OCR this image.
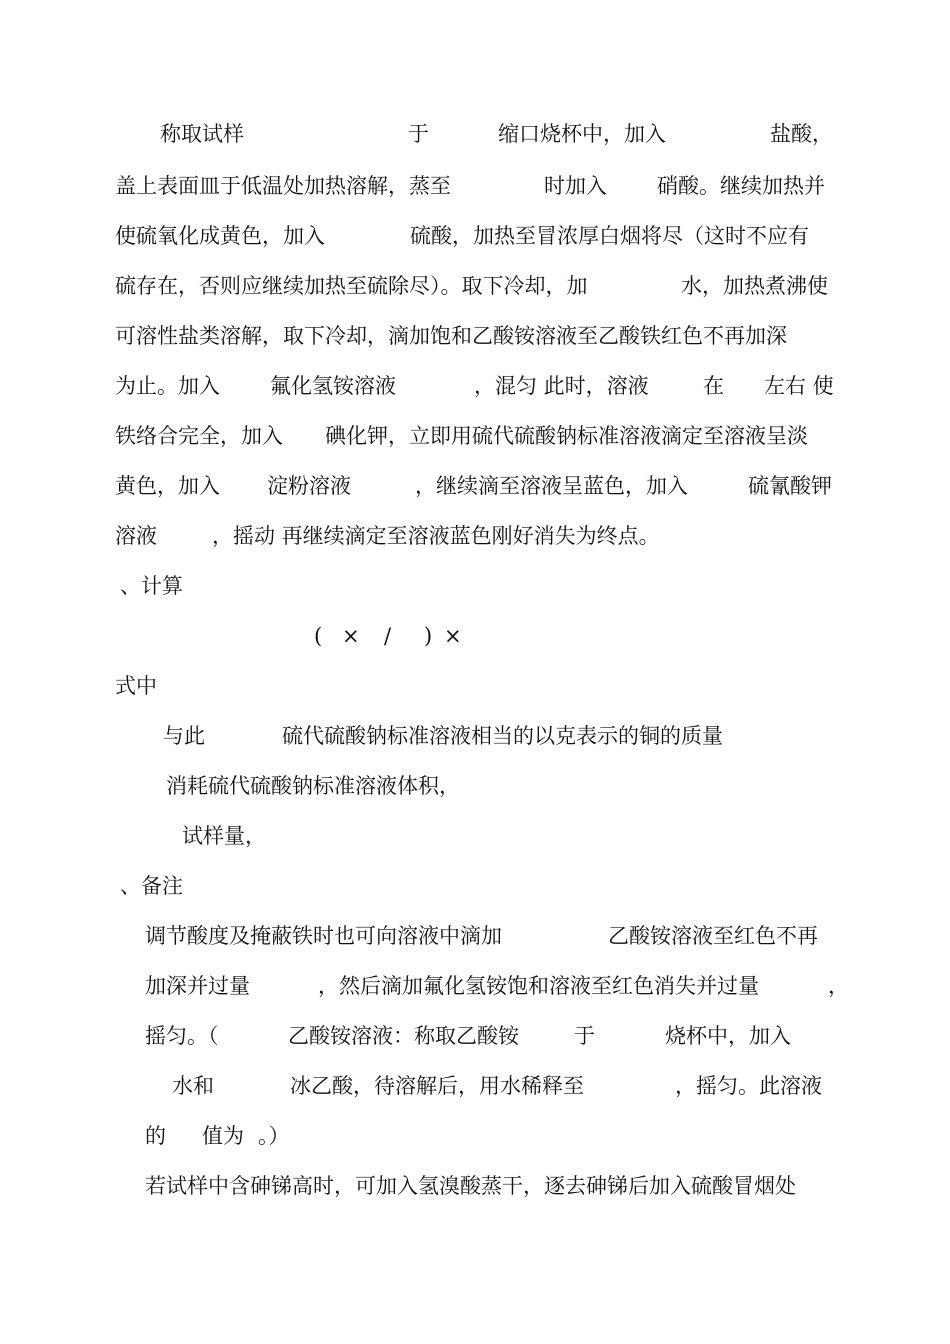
称取试样	于	缩口烧杯中，加入	盐酸，
盖上表面皿于低温处加热溶解，蒸至	时加入 硝酸。继续加热并
使硫氧化成黄色，加入	硫酸，加热至冒浓厚白烟将尽（这时不应有
硫存在，否则应继续加热至硫除尽）。取下冷却，加	水，加热煮沸使
可溶性盐类溶解，取下冷却，滴加饱和乙酸铵溶液至乙酸铁红色不再加深
为止。加入 氟化氢铵溶液	，混匀 此时，溶液	在 左右 使
铁络合完全，加入 碘化钾，立即用硫代硫酸钠标准溶液滴定至溶液呈淡
黄色，加入 淀粉溶液	，继续滴至溶液呈蓝色，加入	硫氰酸钾
溶液	，摇动 再继续滴定至溶液蓝色刚好消失为终点。
、计算
( × / ) ×
式中
与此	硫代硫酸钠标准溶液相当的以克表示的铜的质量
消耗硫代硫酸钠标准溶液体积，
试样量，
、备注
调节酸度及掩蔽铁时也可向溶液中滴加	乙酸铵溶液至红色不再
加深并过量	，然后滴加氟化氢铵饱和溶液至红色消失并过量	，
摇匀。（	乙酸铵溶液：称取乙酸铵	于	烧杯中，加入
水和	冰乙酸，待溶解后，用水稀释至	，摇匀。此溶液
的 值为 。）
若试样中含砷锑高时，可加入氢溴酸蒸干，逐去砷锑后加入硫酸冒烟处
